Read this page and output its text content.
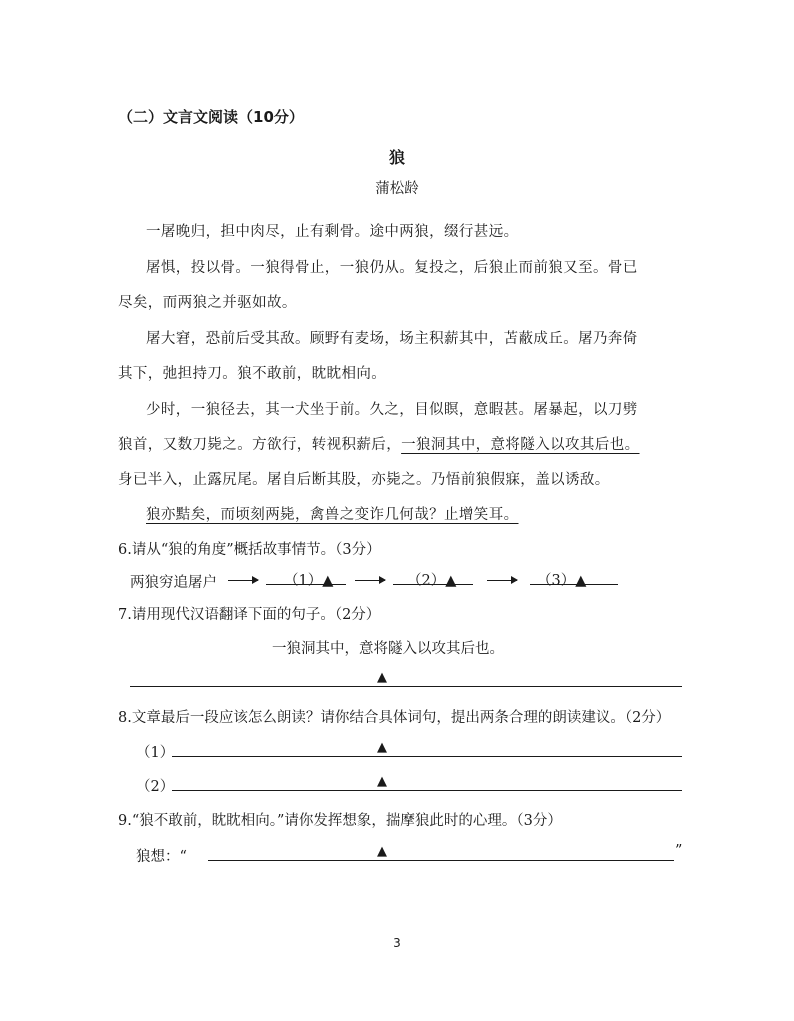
（二）文言文阅读（10分）
狼
蒲松龄
一屠晚归，担中肉尽，止有剩骨。途中两狼，缀行甚远。
屠惧，投以骨。一狼得骨止，一狼仍从。复投之，后狼止而前狼又至。骨已
尽矣，而两狼之并驱如故。
屠大窘，恐前后受其敌。顾野有麦场，场主积薪其中，苫蔽成丘。屠乃奔倚
其下，弛担持刀。狼不敢前，眈眈相向。
少时，一狼径去，其一犬坐于前。久之，目似瞑，意暇甚。屠暴起，以刀劈
狼首，又数刀毙之。方欲行，转视积薪后，一狼洞其中，意将隧入以攻其后也。
身已半入，止露尻尾。屠自后断其股，亦毙之。乃悟前狼假寐，盖以诱敌。
狼亦黠矣，而顷刻两毙，禽兽之变诈几何哉？止增笑耳。
6.请从“狼的角度”概括故事情节。（3分）
两狼穷追屠户	（1）▲	（2）▲	（3）▲
7.请用现代汉语翻译下面的句子。（2分）
一狼洞其中，意将隧入以攻其后也。
▲
8.文章最后一段应该怎么朗读？请你结合具体词句，提出两条合理的朗读建议。（2分）
（1）	▲
（2）	▲
9.“狼不敢前，眈眈相向。”请你发挥想象，揣摩狼此时的心理。（3分）
狼想：“	▲	”
3
